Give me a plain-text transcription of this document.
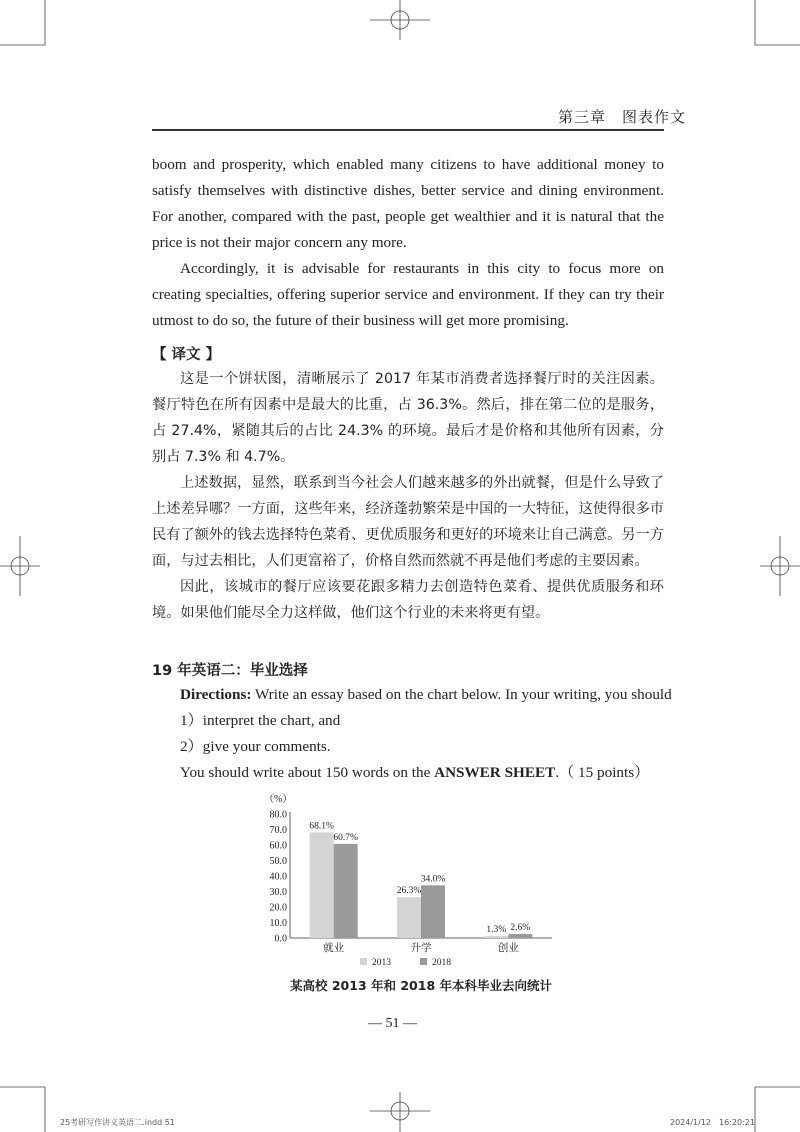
第三章　图表作文

boom and prosperity, which enabled many citizens to have additional money to satisfy themselves with distinctive dishes, better service and dining environment. For another, compared with the past, people get wealthier and it is natural that the price is not their major concern any more.

Accordingly, it is advisable for restaurants in this city to focus more on creating specialties, offering superior service and environment. If they can try their utmost to do so, the future of their business will get more promising.

【 译文 】

这是一个饼状图，清晰展示了 2017 年某市消费者选择餐厅时的关注因素。餐厅特色在所有因素中是最大的比重，占 36.3%。然后，排在第二位的是服务，占 27.4%，紧随其后的占比 24.3% 的环境。最后才是价格和其他所有因素，分别占 7.3% 和 4.7%。

上述数据，显然，联系到当今社会人们越来越多的外出就餐，但是什么导致了上述差异哪？一方面，这些年来，经济蓬勃繁荣是中国的一大特征，这使得很多市民有了额外的钱去选择特色菜肴、更优质服务和更好的环境来让自己满意。另一方面，与过去相比，人们更富裕了，价格自然而然就不再是他们考虑的主要因素。

因此，该城市的餐厅应该要花跟多精力去创造特色菜肴、提供优质服务和环境。如果他们能尽全力这样做，他们这个行业的未来将更有望。

19 年英语二：毕业选择
Directions: Write an essay based on the chart below. In your writing, you should
1）interpret the chart, and
2）give your comments.
You should write about 150 words on the ANSWER SHEET.（ 15 points）
（%）
0.0
10.0
20.0
30.0
40.0
50.0
60.0
70.0
80.0
68.1%
60.7%
就业
26.3%
34.0%
升学
1.3% 2.6%
创业
2013	2018
某高校 2013 年和 2018 年本科毕业去向统计
— 51 —
25考研写作讲义英语二.indd 51	2024/1/12　16:20:21
